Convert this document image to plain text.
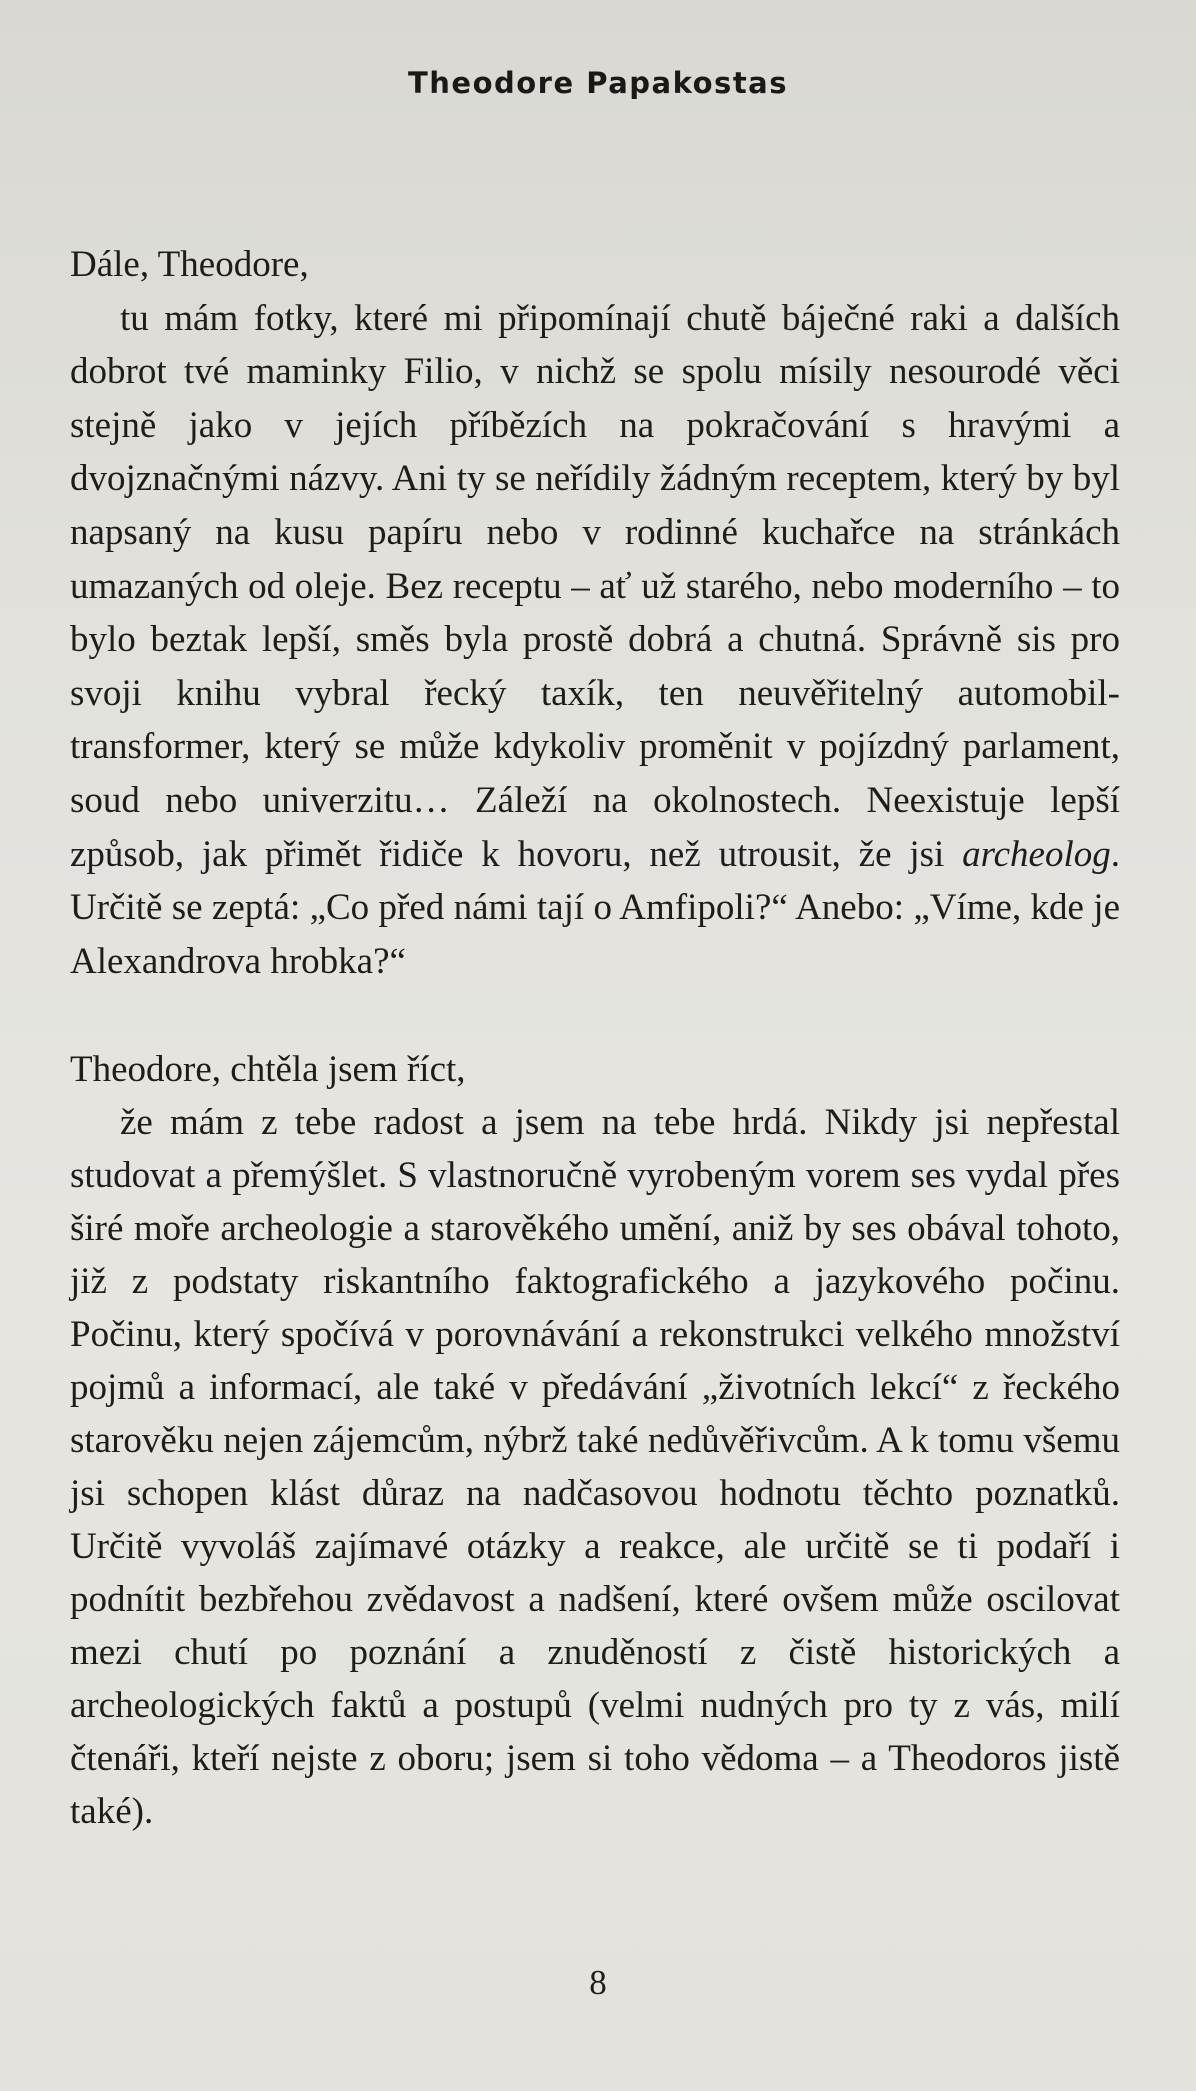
Theodore Papakostas

Dále, Theodore,

tu mám fotky, které mi připomínají chutě báječné raki a dalších dobrot tvé maminky Filio, v nichž se spolu mísily nesourodé věci stejně jako v jejích příbězích na pokračování s hravými a dvojznačnými názvy. Ani ty se neřídily žádným receptem, který by byl napsaný na kusu papíru nebo v rodinné kuchařce na stránkách umazaných od oleje. Bez receptu – ať už starého, nebo moderního – to bylo beztak lepší, směs byla prostě dobrá a chutná. Správně sis pro svoji knihu vybral řecký taxík, ten neuvěřitelný automobil-transformer, který se může kdykoliv proměnit v pojízdný parlament, soud nebo univerzitu… Záleží na okolnostech. Neexistuje lepší způsob, jak přimět řidiče k hovoru, než utrousit, že jsi archeolog. Určitě se zeptá: „Co před námi tají o Amfipoli?“ Anebo: „Víme, kde je Alexandrova hrobka?“

Theodore, chtěla jsem říct,

že mám z tebe radost a jsem na tebe hrdá. Nikdy jsi nepřestal studovat a přemýšlet. S vlastnoručně vyrobeným vorem ses vydal přes širé moře archeologie a starověkého umění, aniž by ses obával tohoto, již z podstaty riskantního faktografického a jazykového počinu. Počinu, který spočívá v porovnávání a rekonstrukci velkého množství pojmů a informací, ale také v předávání „životních lekcí“ z řeckého starověku nejen zájemcům, nýbrž také nedůvěřivcům. A k tomu všemu jsi schopen klást důraz na nadčasovou hodnotu těchto poznatků. Určitě vyvoláš zajímavé otázky a reakce, ale určitě se ti podaří i podnítit bezbřehou zvědavost a nadšení, které ovšem může oscilovat mezi chutí po poznání a znuděností z čistě historických a archeologických faktů a postupů (velmi nudných pro ty z vás, milí čtenáři, kteří nejste z oboru; jsem si toho vědoma – a Theodoros jistě také).

8
